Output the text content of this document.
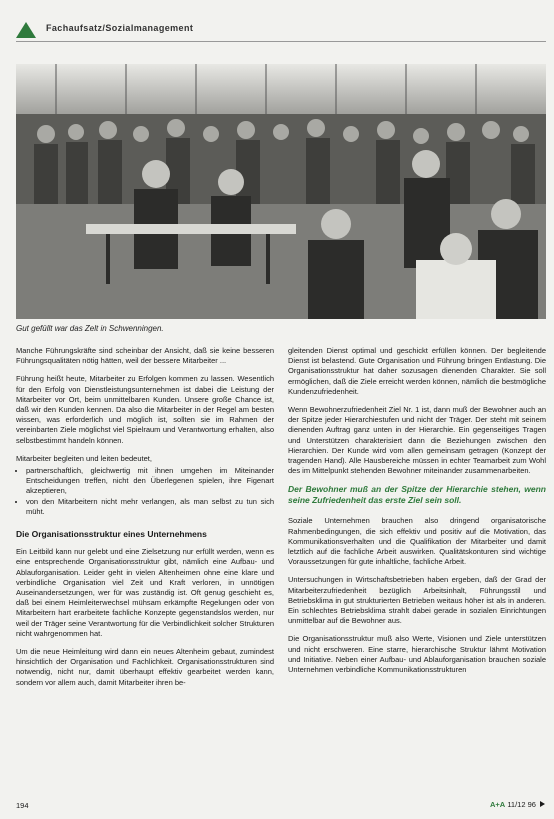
Fachaufsatz/Sozialmanagement
Gut gefüllt war das Zelt in Schwenningen.

Manche Führungskräfte sind scheinbar der Ansicht, daß sie keine besseren Führungsqualitäten nötig hätten, weil der bessere Mitarbeiter ...

Führung heißt heute, Mitarbeiter zu Erfolgen kommen zu lassen. Wesentlich für den Erfolg von Dienstleistungsunternehmen ist dabei die Leistung der Mitarbeiter vor Ort, beim unmittelbaren Kunden. Unsere große Chance ist, daß wir den Kunden kennen. Da also die Mitarbeiter in der Regel am besten wissen, was erforderlich und möglich ist, sollten sie im Rahmen der vereinbarten Ziele möglichst viel Spielraum und Verantwortung erhalten, also selbstbestimmt handeln können.

Mitarbeiter begleiten und leiten bedeutet,

• partnerschaftlich, gleichwertig mit ihnen umgehen im Miteinander Entscheidungen treffen, nicht den Überlegenen spielen, ihre Figenart akzeptieren,
• von den Mitarbeitern nicht mehr verlangen, als man selbst zu tun sich müht.
Die Organisationsstruktur eines Unternehmens

Ein Leitbild kann nur gelebt und eine Zielsetzung nur erfüllt werden, wenn es eine entsprechende Organisationsstruktur gibt, nämlich eine Aufbau- und Ablauforganisation. Leider geht in vielen Altenheimen ohne eine klare und verbindliche Organisation viel Zeit und Kraft verloren, in unnötigen Auseinandersetzungen, wer für was zuständig ist. Oft genug geschieht es, daß bei einem Heimleiterwechsel mühsam erkämpfte Regelungen oder von Mitarbeitern hart erarbeitete fachliche Konzepte gegenstandslos werden, nur weil der Träger seine Verantwortung für die Verbindlichkeit solcher Strukturen nicht wahrgenommen hat.

Um die neue Heimleitung wird dann ein neues Altenheim gebaut, zumindest hinsichtlich der Organisation und Fachlichkeit. Organisationsstrukturen sind notwendig, nicht nur, damit überhaupt effektiv gearbeitet werden kann, sondern vor allem auch, damit Mitarbeiter ihren be-

gleitenden Dienst optimal und geschickt erfüllen können. Der begleitende Dienst ist belastend. Gute Organisation und Führung bringen Entlastung. Die Organisationsstruktur hat daher sozusagen dienenden Charakter. Sie soll ermöglichen, daß die Ziele erreicht werden können, nämlich die bestmögliche Kundenzufriedenheit.

Wenn Bewohnerzufriedenheit Ziel Nr. 1 ist, dann muß der Bewohner auch an der Spitze jeder Hierarchiestufen und nicht der Träger. Der steht mit seinem dienenden Auftrag ganz unten in der Hierarchie. Ein gegenseitiges Tragen und Unterstützen charakterisiert dann die Beziehungen zwischen den Hierarchien. Der Kunde wird vom allen gemeinsam getragen (Konzept der tragenden Hand). Alle Hausbereiche müssen in echter Teamarbeit zum Wohl des im Mittelpunkt stehenden Bewohner miteinander zusammenarbeiten.

Der Bewohner muß an der Spitze der Hierarchie stehen, wenn seine Zufriedenheit das erste Ziel sein soll.

Soziale Unternehmen brauchen also dringend organisatorische Rahmenbedingungen, die sich effektiv und positiv auf die Motivation, das Kommunikationsverhalten und die Qualifikation der Mitarbeiter und damit letztlich auf die fachliche Arbeit auswirken. Qualitätskonturen sind wichtige Voraussetzungen für gute inhaltliche, fachliche Arbeit.

Untersuchungen in Wirtschaftsbetrieben haben ergeben, daß der Grad der Mitarbeiterzufriedenheit bezüglich Arbeitsinhalt, Führungsstil und Betriebsklima in gut strukturierten Betrieben weitaus höher ist als in anderen. Ein schlechtes Betriebsklima strahlt dabei gerade in sozialen Einrichtungen unmittelbar auf die Bewohner aus.

Die Organisationsstruktur muß also Werte, Visionen und Ziele unterstützen und nicht erschweren. Eine starre, hierarchische Struktur lähmt Motivation und Initiative. Neben einer Aufbau- und Ablauforganisation brauchen soziale Unternehmen verbindliche Kommunikationsstrukturen

194	A+A 11/12 96
